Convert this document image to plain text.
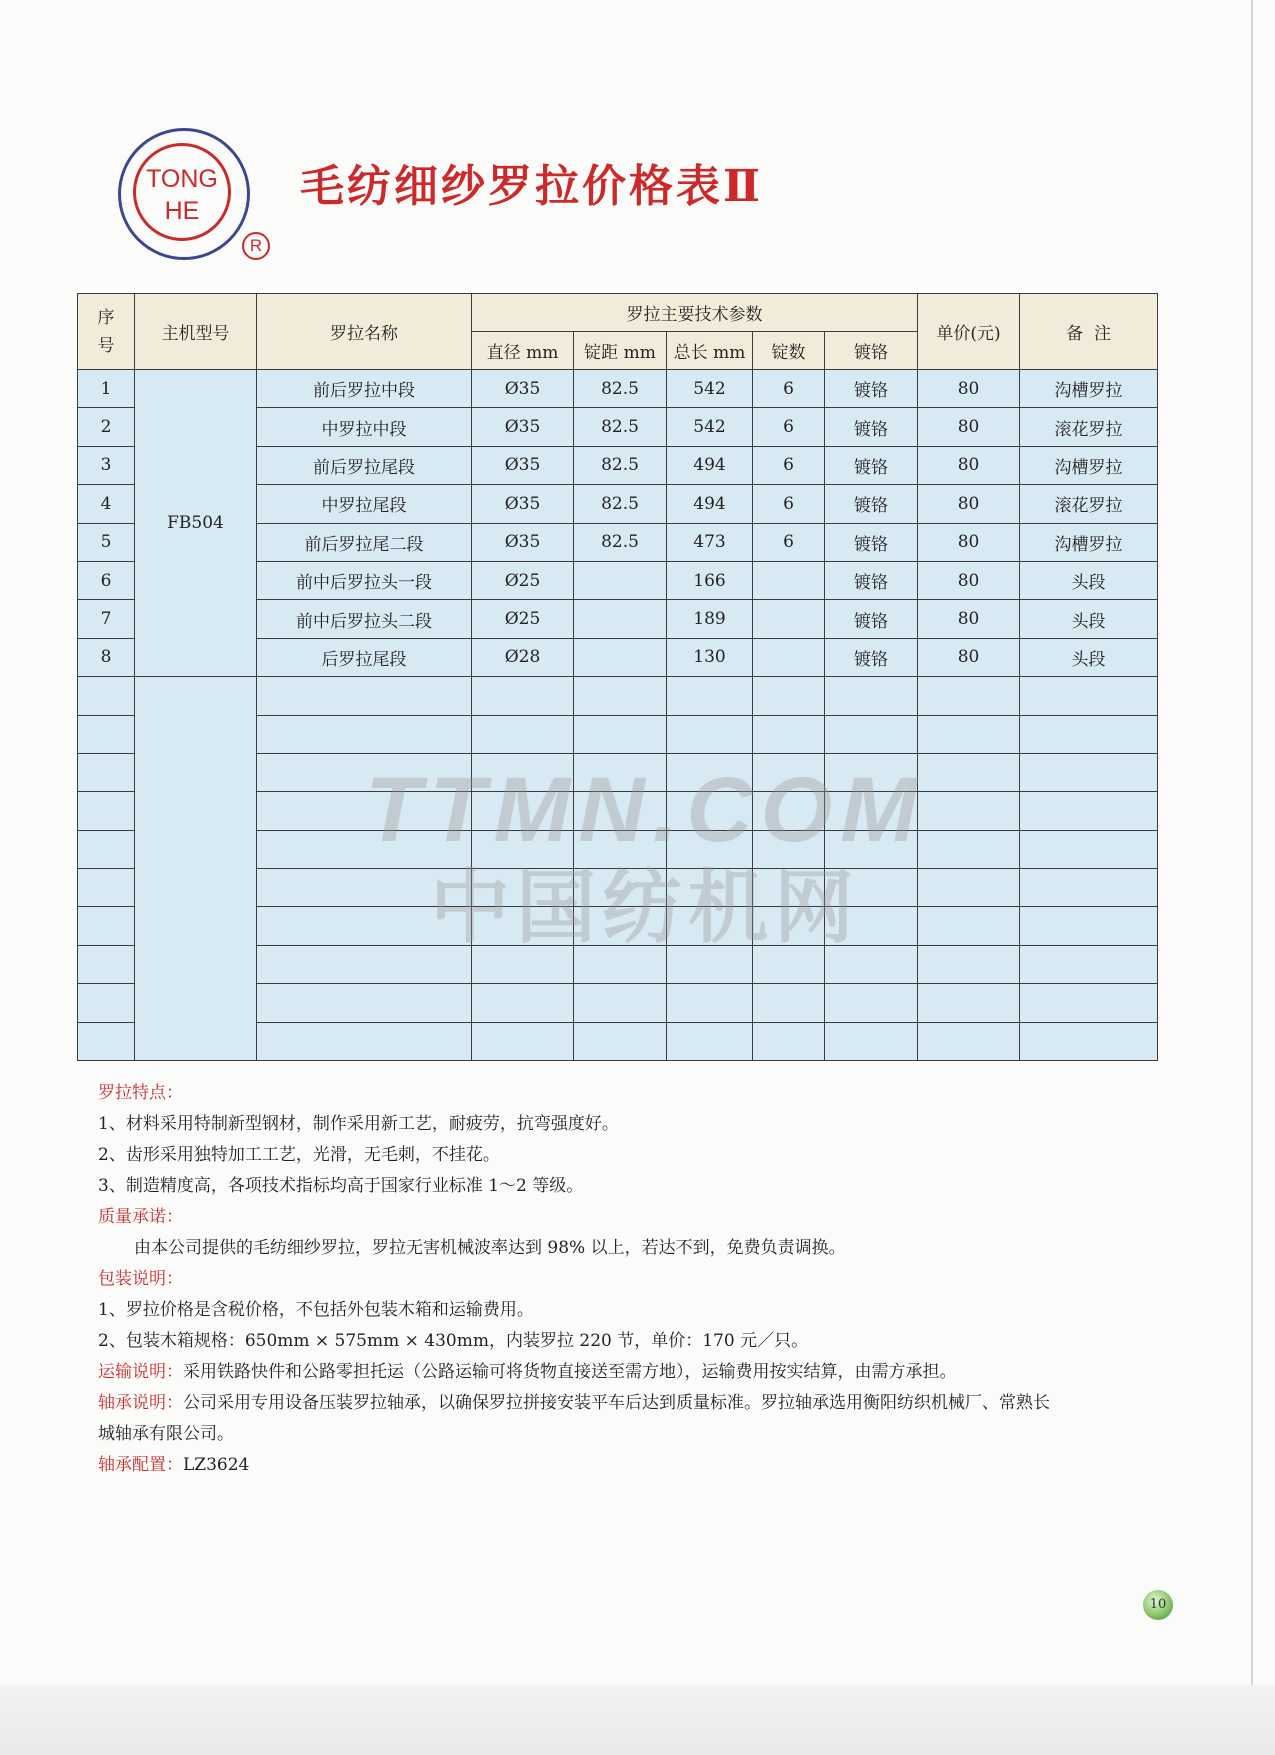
TONG
HE
R
毛纺细纱罗拉价格表Ⅱ
序
号	主机型号	罗拉名称	罗拉主要技术参数					单价(元)	备  注
			直径 mm	锭距 mm	总长 mm	锭数	镀铬		
1	FB504	前后罗拉中段	Ø35	82.5	542	6	镀铬	80	沟槽罗拉
2		中罗拉中段	Ø35	82.5	542	6	镀铬	80	滚花罗拉
3		前后罗拉尾段	Ø35	82.5	494	6	镀铬	80	沟槽罗拉
4		中罗拉尾段	Ø35	82.5	494	6	镀铬	80	滚花罗拉
5		前后罗拉尾二段	Ø35	82.5	473	6	镀铬	80	沟槽罗拉
6		前中后罗拉头一段	Ø25		166		镀铬	80	头段
7		前中后罗拉头二段	Ø25		189		镀铬	80	头段
8		后罗拉尾段	Ø28		130		镀铬	80	头段

TTMN.COM
中国纺机网

罗拉特点：

1、材料采用特制新型钢材，制作采用新工艺，耐疲劳，抗弯强度好。

2、齿形采用独特加工工艺，光滑，无毛刺，不挂花。

3、制造精度高，各项技术指标均高于国家行业标准 1～2 等级。

质量承诺：

由本公司提供的毛纺细纱罗拉，罗拉无害机械波率达到 98% 以上，若达不到，免费负责调换。

包装说明：

1、罗拉价格是含税价格，不包括外包装木箱和运输费用。

2、包装木箱规格：650mm × 575mm × 430mm，内装罗拉 220 节，单价：170 元／只。

运输说明：采用铁路快件和公路零担托运（公路运输可将货物直接送至需方地），运输费用按实结算，由需方承担。

轴承说明：公司采用专用设备压装罗拉轴承，以确保罗拉拼接安装平车后达到质量标准。罗拉轴承选用衡阳纺织机械厂、常熟长

城轴承有限公司。

轴承配置：LZ3624

10
